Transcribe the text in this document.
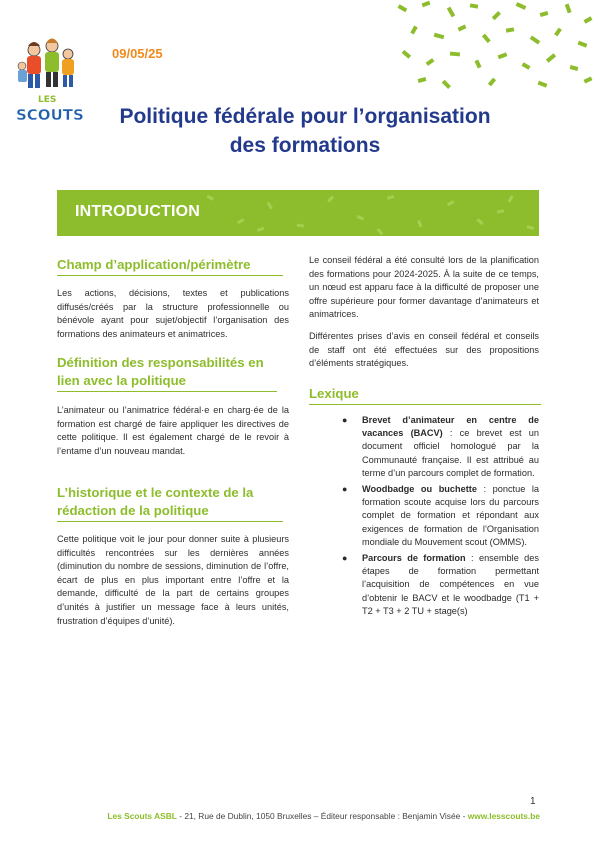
LES
SCOUTS
09/05/25
Politique fédérale pour l’organisation
des formations
INTRODUCTION
Champ d’application/périmètre
Les actions, décisions, textes et publications diffusés/créés par la structure professionnelle ou bénévole ayant pour sujet/objectif l’organisation des formations des animateurs et animatrices.
Définition des responsabilités en
lien avec la politique
L’animateur ou l’animatrice fédéral·e en charg·ée de la formation est chargé de faire appliquer les directives de cette politique. Il est également chargé de le revoir à l’entame d’un nouveau mandat.
L’historique et le contexte de la
rédaction de la politique
Cette politique voit le jour pour donner suite à plusieurs difficultés rencontrées sur les dernières années (diminution du nombre de sessions, diminution de l’offre, écart de plus en plus important entre l’offre et la demande, difficulté de la part de certains groupes d’unités à justifier un message face à leurs unités, frustration d’équipes d’unité).
Le conseil fédéral a été consulté lors de la planification des formations pour 2024-2025. À la suite de ce temps, un nœud est apparu face à la difficulté de proposer une offre supérieure pour former davantage d’animateurs et animatrices.
Différentes prises d’avis en conseil fédéral et conseils de staff ont été effectuées sur des propositions d’éléments stratégiques.
Lexique
● Brevet d’animateur en centre de vacances (BACV) : ce brevet est un document officiel homologué par la Communauté française. Il est attribué au terme d’un parcours complet de formation.
● Woodbadge ou buchette : ponctue la formation scoute acquise lors du parcours complet de formation et répondant aux exigences de formation de l’Organisation mondiale du Mouvement scout (OMMS).
● Parcours de formation : ensemble des étapes de formation permettant l’acquisition de compétences en vue d’obtenir le BACV et le woodbadge (T1 + T2 + T3 + 2 TU + stage(s)
1
Les Scouts ASBL - 21, Rue de Dublin, 1050 Bruxelles – Éditeur responsable : Benjamin Visée - www.lesscouts.be
